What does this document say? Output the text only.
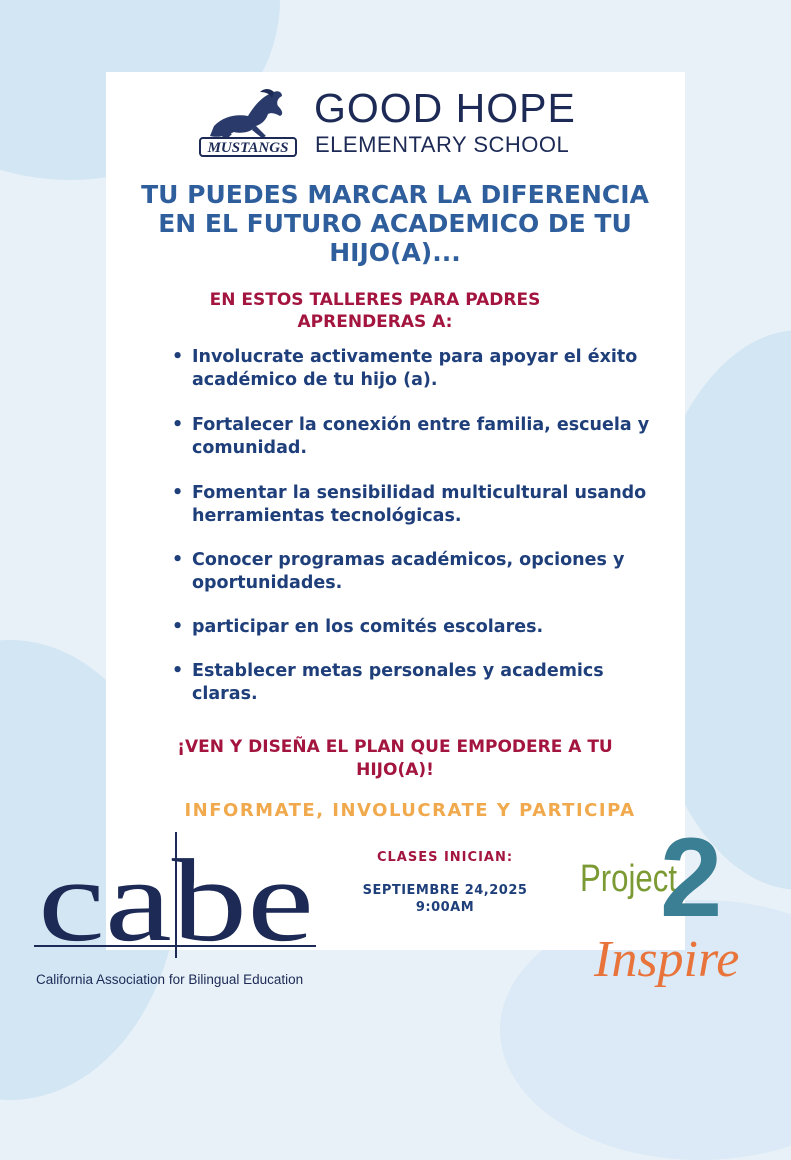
MUSTANGS
GOOD HOPE
ELEMENTARY SCHOOL
TU PUEDES MARCAR LA DIFERENCIA EN EL FUTURO ACADEMICO DE TU HIJO(A)...
EN ESTOS TALLERES PARA PADRES APRENDERAS A:
• Involucrate activamente para apoyar el éxito académico de tu hijo (a).
• Fortalecer la conexión entre familia, escuela y comunidad.
• Fomentar la sensibilidad multicultural usando herramientas tecnológicas.
• Conocer programas académicos, opciones y oportunidades.
• participar en los comités escolares.
• Establecer metas personales y academics claras.
¡VEN Y DISEÑA EL PLAN QUE EMPODERE A TU HIJO(A)!
INFORMATE, INVOLUCRATE Y PARTICIPA
CLASES INICIAN:
SEPTIEMBRE 24,2025
9:00AM
cabe
California Association for Bilingual Education
Project
2
Inspire
